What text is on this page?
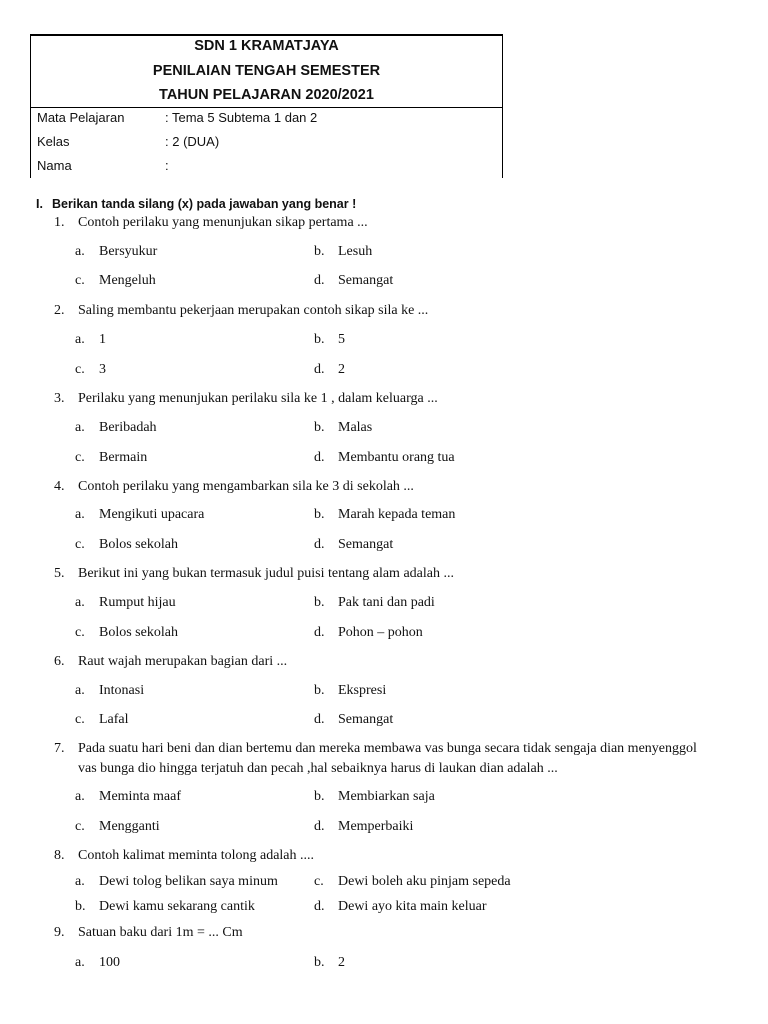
SDN 1 KRAMATJAYA
PENILAIAN TENGAH SEMESTER
TAHUN PELAJARAN 2020/2021
Mata Pelajaran	: Tema 5 Subtema 1 dan 2
Kelas	: 2 (DUA)
Nama	:
I. Berikan tanda silang (x) pada jawaban yang benar !
1. Contoh perilaku yang menunjukan sikap pertama ...
a. Bersyukur	b. Lesuh
c. Mengeluh	d. Semangat
2. Saling membantu pekerjaan merupakan contoh sikap sila ke ...
a. 1	b. 5
c. 3	d. 2
3. Perilaku yang menunjukan perilaku sila ke 1 , dalam keluarga ...
a. Beribadah	b. Malas
c. Bermain	d. Membantu orang tua
4. Contoh perilaku yang mengambarkan sila ke 3 di sekolah ...
a. Mengikuti upacara	b. Marah kepada teman
c. Bolos sekolah	d. Semangat
5. Berikut ini yang bukan termasuk judul puisi tentang alam adalah ...
a. Rumput hijau	b. Pak tani dan padi
c. Bolos sekolah	d. Pohon – pohon
6. Raut wajah merupakan bagian dari ...
a. Intonasi	b. Ekspresi
c. Lafal	d. Semangat
7. Pada suatu hari beni dan dian bertemu dan mereka membawa vas bunga secara tidak sengaja dian menyenggol vas bunga dio hingga terjatuh dan pecah ,hal sebaiknya harus di laukan dian adalah ...
a. Meminta maaf	b. Membiarkan saja
c. Mengganti	d. Memperbaiki
8. Contoh kalimat meminta tolong adalah ....
a. Dewi tolog belikan saya minum	c. Dewi boleh aku pinjam sepeda
b. Dewi kamu sekarang cantik	d. Dewi ayo kita main keluar
9. Satuan baku dari 1m = ... Cm
a. 100	b. 2
